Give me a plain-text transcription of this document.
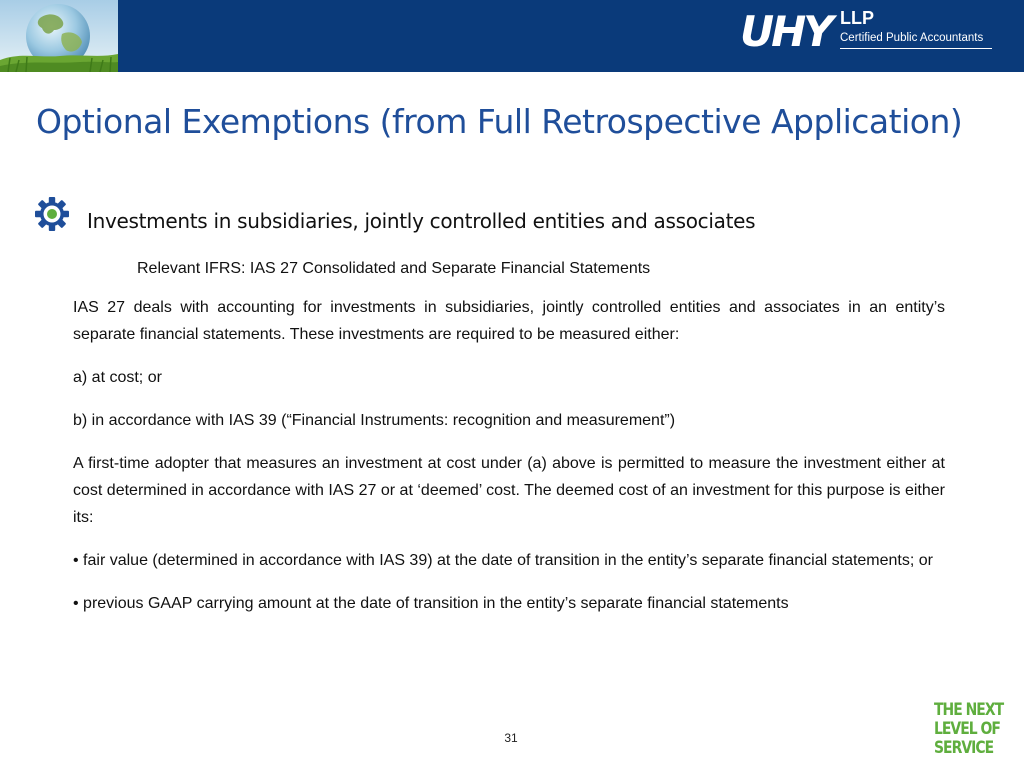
UHY LLP
Certified Public Accountants
Optional Exemptions (from Full Retrospective Application)
Investments in subsidiaries, jointly controlled entities and associates
Relevant IFRS: IAS 27 Consolidated and Separate Financial Statements

IAS 27 deals with accounting for investments in subsidiaries, jointly controlled entities and associates in an entity’s separate financial statements. These investments are required to be measured either:

a) at cost; or

b) in accordance with IAS 39 (“Financial Instruments: recognition and measurement”)

A first-time adopter that measures an investment at cost under (a) above is permitted to measure the investment either at cost determined in accordance with IAS 27 or at ‘deemed’ cost. The deemed cost of an investment for this purpose is either its:

• fair value (determined in accordance with IAS 39) at the date of transition in the entity’s separate financial statements; or

• previous GAAP carrying amount at the date of transition in the entity’s separate financial statements

31
THE NEXT
LEVEL OF
SERVICE
